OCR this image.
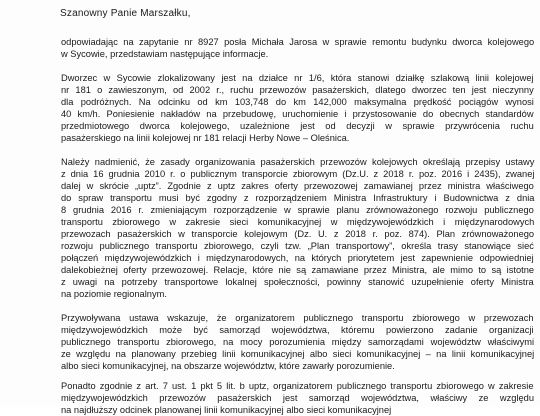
Szanowny Panie Marszałku,
odpowiadając na zapytanie nr 8927 posła Michała Jarosa w sprawie remontu budynku dworca kolejowego
w Sycowie, przedstawiam następujące informacje.
Dworzec w Sycowie zlokalizowany jest na działce nr 1/6, która stanowi działkę szlakową linii kolejowej
nr 181 o zawieszonym, od 2002 r., ruchu przewozów pasażerskich, dlatego dworzec ten jest nieczynny
dla podróżnych. Na odcinku od km 103,748 do km 142,000 maksymalna prędkość pociągów wynosi
40 km/h. Poniesienie nakładów na przebudowę, uruchomienie i przystosowanie do obecnych standardów
przedmiotowego dworca kolejowego, uzależnione jest od decyzji w sprawie przywrócenia ruchu
pasażerskiego na linii kolejowej nr 181 relacji Herby Nowe – Oleśnica.
Należy nadmienić, że zasady organizowania pasażerskich przewozów kolejowych określają przepisy ustawy
z dnia 16 grudnia 2010 r. o publicznym transporcie zbiorowym (Dz.U. z 2018 r. poz. 2016 i 2435), zwanej
dalej w skrócie „uptz”. Zgodnie z uptz zakres oferty przewozowej zamawianej przez ministra właściwego
do spraw transportu musi być zgodny z rozporządzeniem Ministra Infrastruktury i Budownictwa z dnia
8 grudnia 2016 r. zmieniającym rozporządzenie w sprawie planu zrównoważonego rozwoju publicznego
transportu zbiorowego w zakresie sieci komunikacyjnej w międzywojewódzkich i międzynarodowych
przewozach pasażerskich w transporcie kolejowym (Dz. U. z 2018 r. poz. 874). Plan zrównoważonego
rozwoju publicznego transportu zbiorowego, czyli tzw. „Plan transportowy”, określa trasy stanowiące sieć
połączeń międzywojewódzkich i międzynarodowych, na których priorytetem jest zapewnienie odpowiedniej
dalekobieżnej oferty przewozowej. Relacje, które nie są zamawiane przez Ministra, ale mimo to są istotne
z uwagi na potrzeby transportowe lokalnej społeczności, powinny stanowić uzupełnienie oferty Ministra
na poziomie regionalnym.
Przywoływana ustawa wskazuje, że organizatorem publicznego transportu zbiorowego w przewozach
międzywojewódzkich może być samorząd województwa, któremu powierzono zadanie organizacji
publicznego transportu zbiorowego, na mocy porozumienia między samorządami województw właściwymi
ze względu na planowany przebieg linii komunikacyjnej albo sieci komunikacyjnej – na linii komunikacyjnej
albo sieci komunikacyjnej, na obszarze województw, które zawarły porozumienie.
Ponadto zgodnie z art. 7 ust. 1 pkt 5 lit. b uptz, organizatorem publicznego transportu zbiorowego w zakresie
międzywojewódzkich przewozów pasażerskich jest samorząd województwa, właściwy ze względu
na najdłuższy odcinek planowanej linii komunikacyjnej albo sieci komunikacyjnej
